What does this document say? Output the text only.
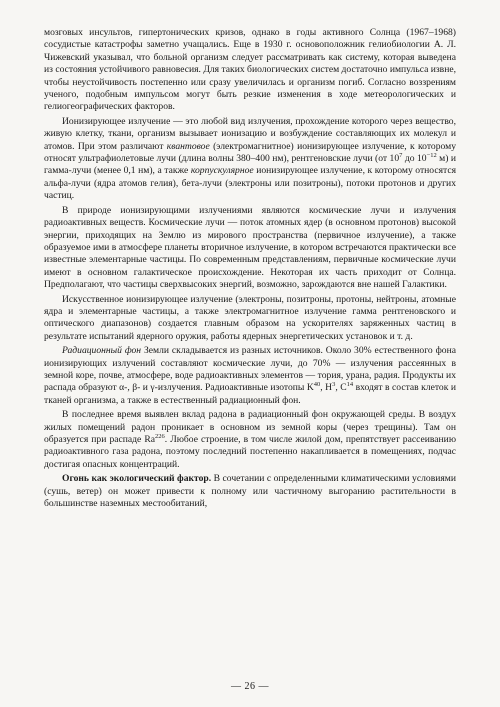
мозговых инсультов, гипертонических кризов, однако в годы активного Солнца (1967–1968) сосудистые катастрофы заметно учащались. Еще в 1930 г. основоположник гелиобиологии А. Л. Чижевский указывал, что больной организм следует рассматривать как систему, которая выведена из состояния устойчивого равновесия. Для таких биологических систем достаточно импульса извне, чтобы неустойчивость постепенно или сразу увеличилась и организм погиб. Согласно воззрениям ученого, подобным импульсом могут быть резкие изменения в ходе метеорологических и гелиогеографических факторов.

Ионизирующее излучение — это любой вид излучения, прохождение которого через вещество, живую клетку, ткани, организм вызывает ионизацию и возбуждение составляющих их молекул и атомов. При этом различают квантовое (электромагнитное) ионизирующее излучение, к которому относят ультрафиолетовые лучи (длина волны 380–400 нм), рентгеновские лучи (от $10^7$ до $10^{-12}$ м) и гамма-лучи (менее 0,1 нм), а также корпускулярное ионизирующее излучение, к которому относятся альфа-лучи (ядра атомов гелия), бета-лучи (электроны или позитроны), потоки протонов и других частиц.

В природе ионизирующими излучениями являются космические лучи и излучения радиоактивных веществ. Космические лучи — поток атомных ядер (в основном протонов) высокой энергии, приходящих на Землю из мирового пространства (первичное излучение), а также образуемое ими в атмосфере планеты вторичное излучение, в котором встречаются практически все известные элементарные частицы. По современным представлениям, первичные космические лучи имеют в основном галактическое происхождение. Некоторая их часть приходит от Солнца. Предполагают, что частицы сверхвысоких энергий, возможно, зарождаются вне нашей Галактики.

Искусственное ионизирующее излучение (электроны, позитроны, протоны, нейтроны, атомные ядра и элементарные частицы, а также электромагнитное излучение гамма рентгеновского и оптического диапазонов) создается главным образом на ускорителях заряженных частиц в результате испытаний ядерного оружия, работы ядерных энергетических установок и т. д.

Радиационный фон Земли складывается из разных источников. Около 30% естественного фона ионизирующих излучений составляют космические лучи, до 70% — излучения рассеянных в земной коре, почве, атмосфере, воде радиоактивных элементов — тория, урана, радия. Продукты их распада образуют α-, β- и γ-излучения. Радиоактивные изотопы $K^{40}$, $H^3$, $C^{14}$ входят в состав клеток и тканей организма, а также в естественный радиационный фон.

В последнее время выявлен вклад радона в радиационный фон окружающей среды. В воздух жилых помещений радон проникает в основном из земной коры (через трещины). Там он образуется при распаде Ra$^{226}$. Любое строение, в том числе жилой дом, препятствует рассеиванию радиоактивного газа радона, поэтому последний постепенно накапливается в помещениях, подчас достигая опасных концентраций.

Огонь как экологический фактор. В сочетании с определенными климатическими условиями (сушь, ветер) он может привести к полному или частичному выгоранию растительности в большинстве наземных местообитаний,

— 26 —
